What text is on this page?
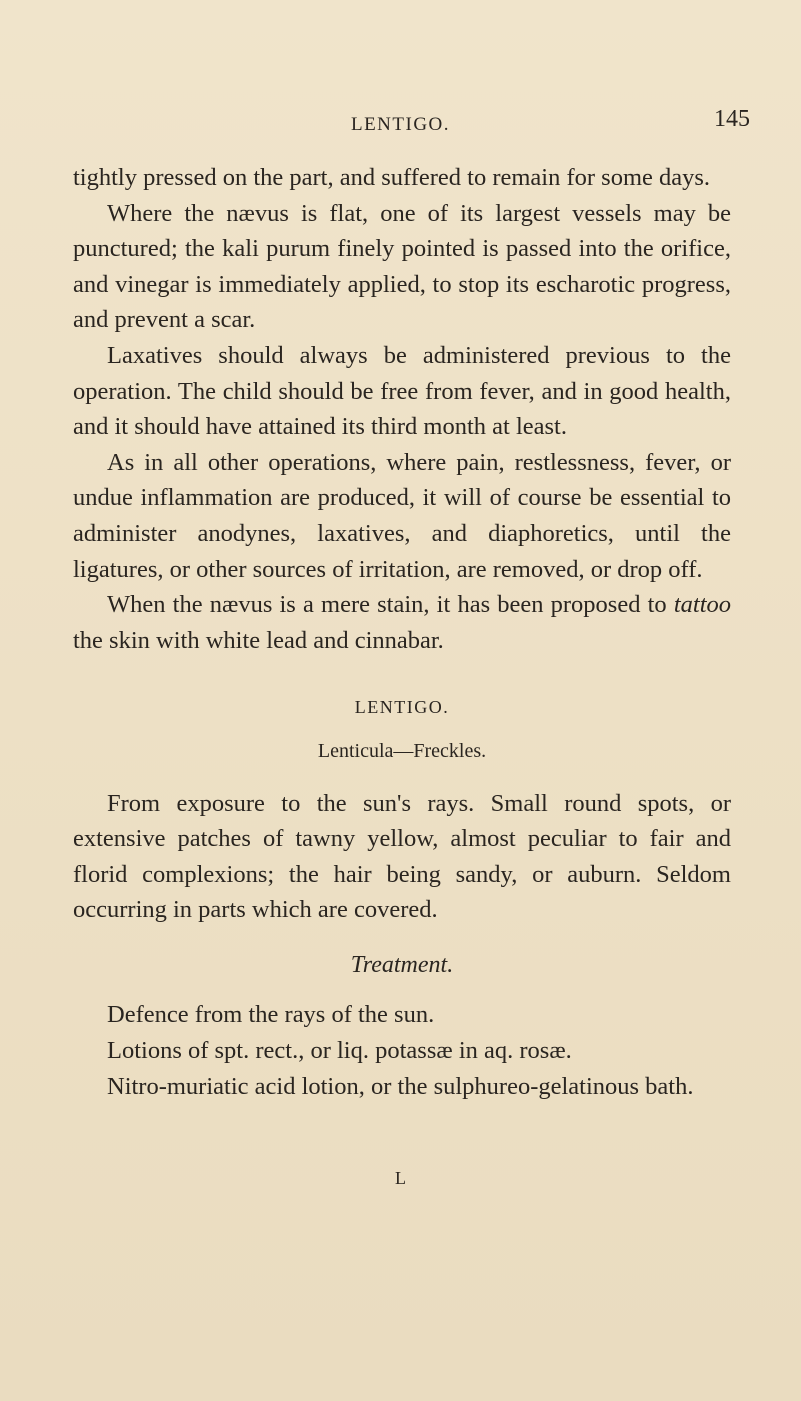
LENTIGO.	145

tightly pressed on the part, and suffered to remain for some days.

Where the nævus is flat, one of its largest vessels may be punctured; the kali purum finely pointed is passed into the orifice, and vinegar is immediately applied, to stop its escharotic progress, and prevent a scar.

Laxatives should always be administered previous to the operation. The child should be free from fever, and in good health, and it should have attained its third month at least.

As in all other operations, where pain, restlessness, fever, or undue inflammation are produced, it will of course be essential to administer anodynes, laxatives, and diaphoretics, until the ligatures, or other sources of irritation, are removed, or drop off.

When the nævus is a mere stain, it has been proposed to tattoo the skin with white lead and cinnabar.

LENTIGO.

Lenticula—Freckles.

From exposure to the sun's rays. Small round spots, or extensive patches of tawny yellow, almost peculiar to fair and florid complexions; the hair being sandy, or auburn. Seldom occurring in parts which are covered.

Treatment.

Defence from the rays of the sun.

Lotions of spt. rect., or liq. potassæ in aq. rosæ.

Nitro-muriatic acid lotion, or the sulphureo-gelatinous bath.

L
